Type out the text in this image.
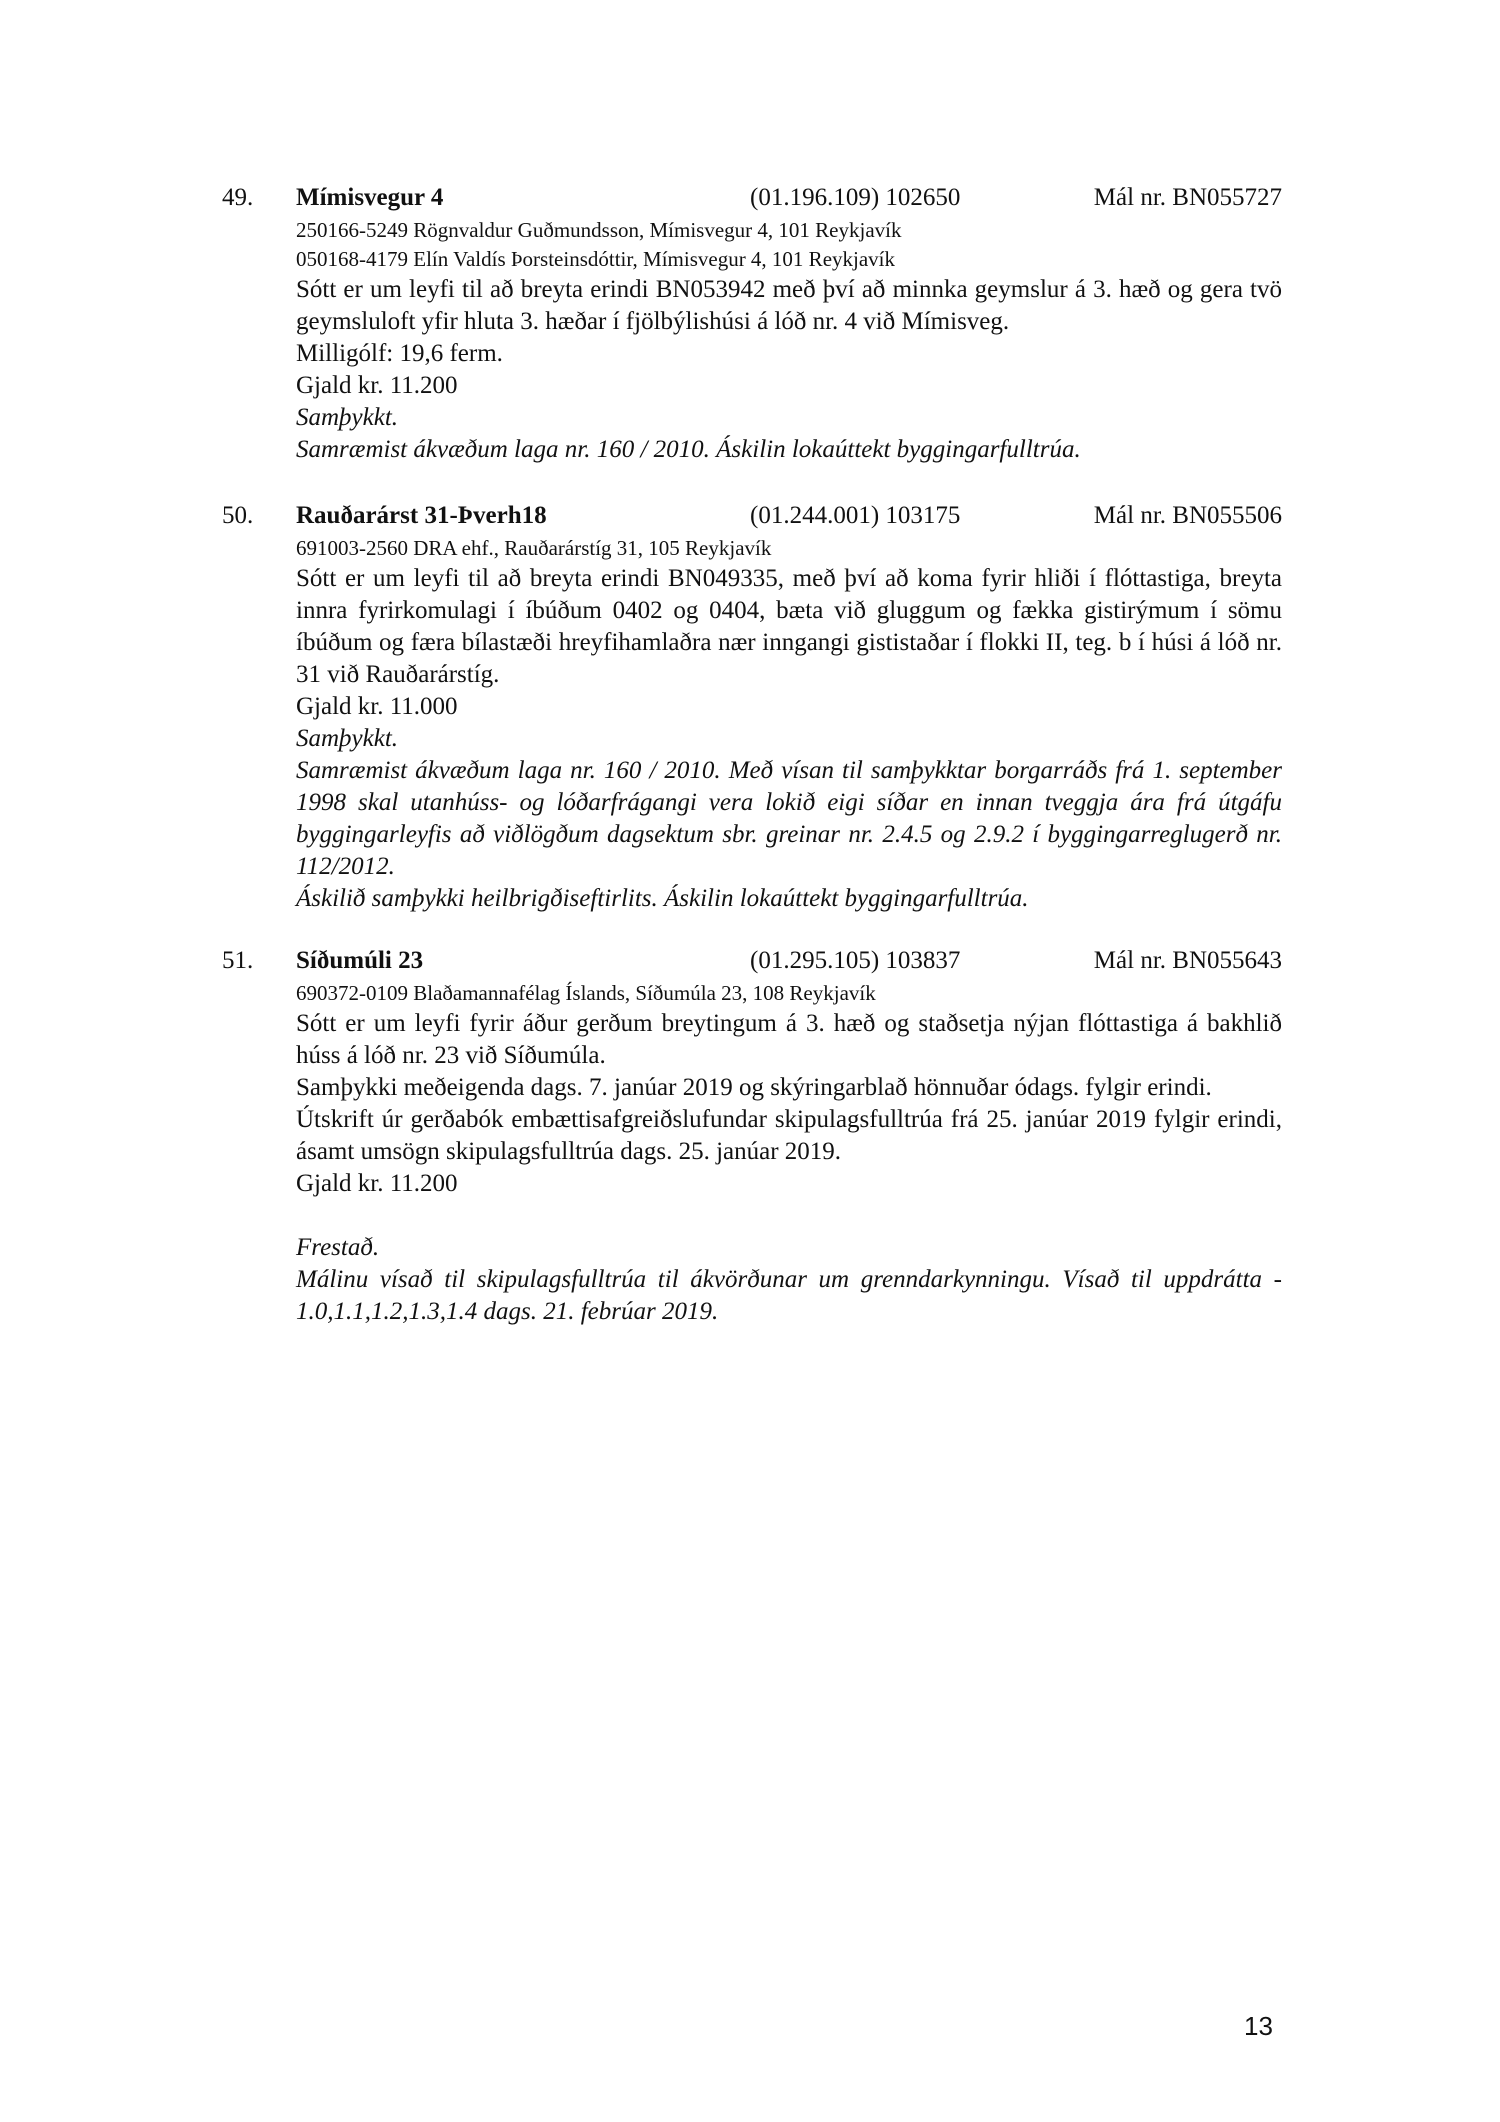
49. Mímisvegur 4	(01.196.109) 102650	Mál nr. BN055727
250166-5249 Rögnvaldur Guðmundsson, Mímisvegur 4, 101 Reykjavík
050168-4179 Elín Valdís Þorsteinsdóttir, Mímisvegur 4, 101 Reykjavík
Sótt er um leyfi til að breyta erindi BN053942 með því að minnka geymslur á 3. hæð og gera tvö geymsluloft yfir hluta 3. hæðar í fjölbýlishúsi á lóð nr. 4 við Mímisveg.
Milligólf: 19,6 ferm.
Gjald kr. 11.200
Samþykkt.
Samræmist ákvæðum laga nr. 160 / 2010. Áskilin lokaúttekt byggingarfulltrúa.
50. Rauðarárst 31-Þverh18	(01.244.001) 103175	Mál nr. BN055506
691003-2560 DRA ehf., Rauðarárstíg 31, 105 Reykjavík
Sótt er um leyfi til að breyta erindi BN049335, með því að koma fyrir hliði í flóttastiga, breyta innra fyrirkomulagi í íbúðum 0402 og 0404, bæta við gluggum og fækka gistirýmum í sömu íbúðum og færa bílastæði hreyfihamlaðra nær inngangi gististaðar í flokki II, teg. b í húsi á lóð nr. 31 við Rauðarárstíg.
Gjald kr. 11.000
Samþykkt.
Samræmist ákvæðum laga nr. 160 / 2010. Með vísan til samþykktar borgarráðs frá 1. september 1998 skal utanhúss- og lóðarfrágangi vera lokið eigi síðar en innan tveggja ára frá útgáfu byggingarleyfis að viðlögðum dagsektum sbr. greinar nr. 2.4.5 og 2.9.2 í byggingarreglugerð nr. 112/2012.
Áskilið samþykki heilbrigðiseftirlits. Áskilin lokaúttekt byggingarfulltrúa.
51. Síðumúli 23	(01.295.105) 103837	Mál nr. BN055643
690372-0109 Blaðamannafélag Íslands, Síðumúla 23, 108 Reykjavík
Sótt er um leyfi fyrir áður gerðum breytingum á 3. hæð og staðsetja nýjan flóttastiga á bakhlið húss á lóð nr. 23 við Síðumúla.
Samþykki meðeigenda dags. 7. janúar 2019 og skýringarblað hönnuðar ódags. fylgir erindi.
Útskrift úr gerðabók embættisafgreiðslufundar skipulagsfulltrúa frá 25. janúar 2019 fylgir erindi, ásamt umsögn skipulagsfulltrúa dags. 25. janúar 2019.
Gjald kr. 11.200
Frestað.
Málinu vísað til skipulagsfulltrúa til ákvörðunar um grenndarkynningu. Vísað til uppdrátta - 1.0,1.1,1.2,1.3,1.4 dags. 21. febrúar 2019.
13
